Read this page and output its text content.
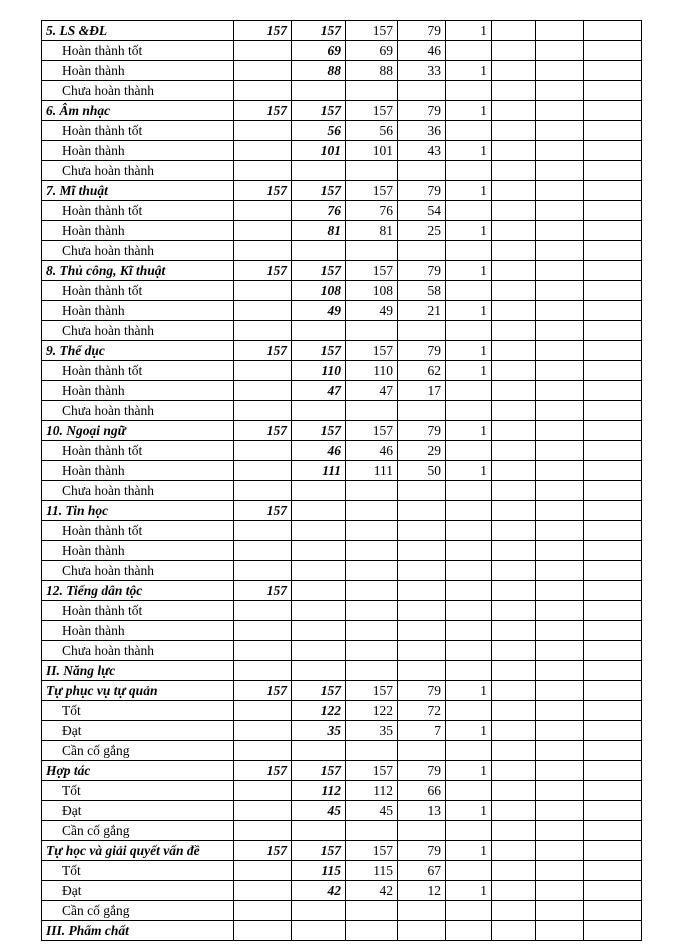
5. LS &ĐL	157	157	157	79	1			
Hoàn thành tốt		69	69	46				
Hoàn thành		88	88	33	1			
Chưa hoàn thành								
6. Âm nhạc	157	157	157	79	1			
Hoàn thành tốt		56	56	36				
Hoàn thành		101	101	43	1			
Chưa hoàn thành								
7. Mĩ thuật	157	157	157	79	1			
Hoàn thành tốt		76	76	54				
Hoàn thành		81	81	25	1			
Chưa hoàn thành								
8. Thủ công, Kĩ thuật	157	157	157	79	1			
Hoàn thành tốt		108	108	58				
Hoàn thành		49	49	21	1			
Chưa hoàn thành								
9. Thể dục	157	157	157	79	1			
Hoàn thành tốt		110	110	62	1			
Hoàn thành		47	47	17				
Chưa hoàn thành								
10. Ngoại ngữ	157	157	157	79	1			
Hoàn thành tốt		46	46	29				
Hoàn thành		111	111	50	1			
Chưa hoàn thành								
11. Tin học	157							
Hoàn thành tốt								
Hoàn thành								
Chưa hoàn thành								
12. Tiếng dân tộc	157							
Hoàn thành tốt								
Hoàn thành								
Chưa hoàn thành								
II. Năng lực								
Tự phục vụ tự quản	157	157	157	79	1			
Tốt		122	122	72				
Đạt		35	35	7	1			
Cần cố gắng								
Hợp tác	157	157	157	79	1			
Tốt		112	112	66				
Đạt		45	45	13	1			
Cần cố gắng								
Tự học và giải quyết vấn đề	157	157	157	79	1			
Tốt		115	115	67				
Đạt		42	42	12	1			
Cần cố gắng								
III. Phẩm chất								
